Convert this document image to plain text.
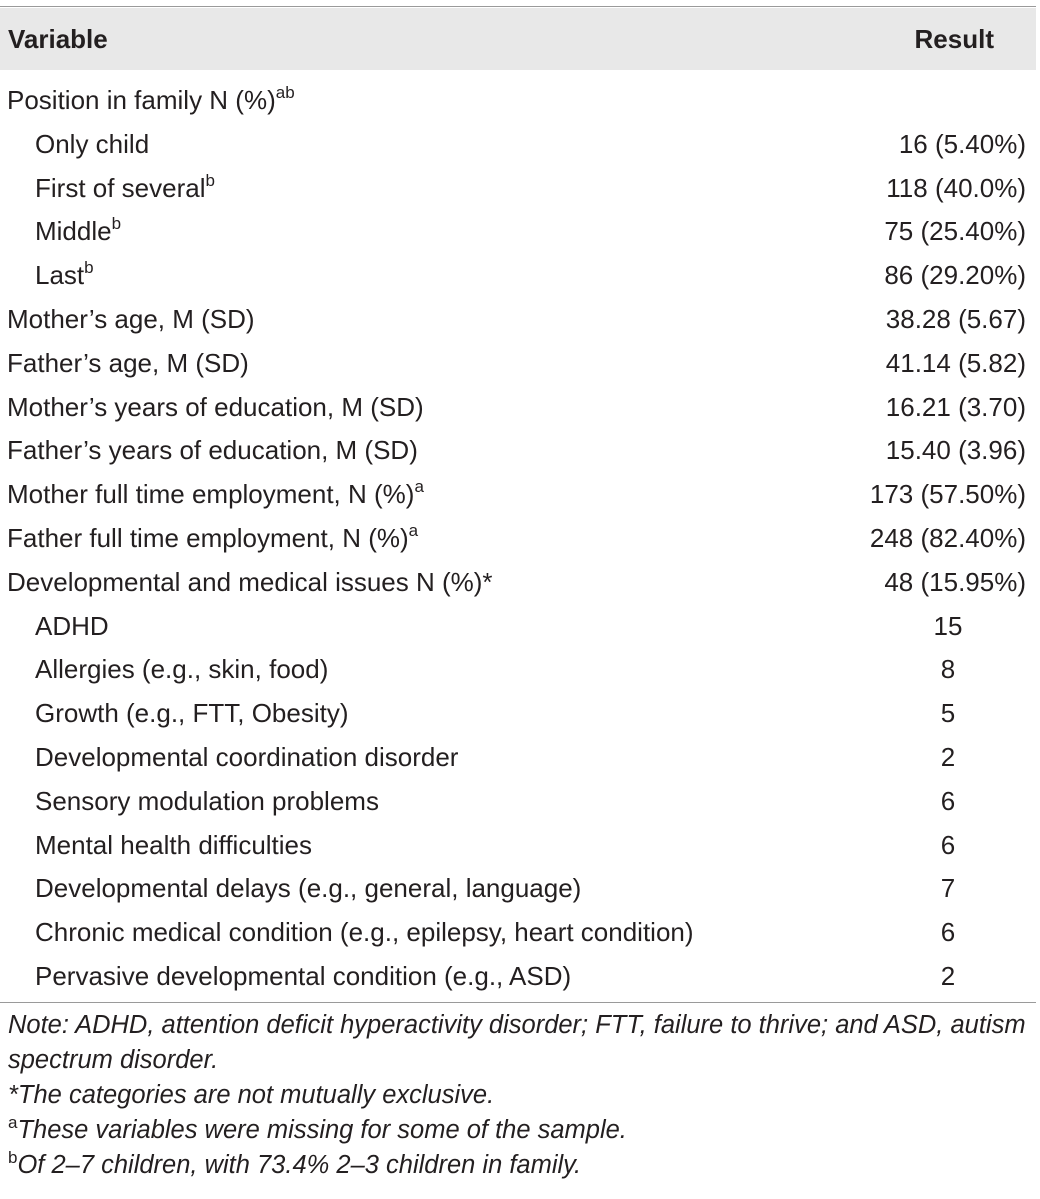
Variable	Result
Position in family N (%)$^{ab}$
Only child	16 (5.40%)
First of several$^b$	118 (40.0%)
Middle$^b$	75 (25.40%)
Last$^b$	86 (29.20%)
Mother’s age, M (SD)	38.28 (5.67)
Father’s age, M (SD)	41.14 (5.82)
Mother’s years of education, M (SD)	16.21 (3.70)
Father’s years of education, M (SD)	15.40 (3.96)
Mother full time employment, N (%)$^a$	173 (57.50%)
Father full time employment, N (%)$^a$	248 (82.40%)
Developmental and medical issues N (%)*	48 (15.95%)
ADHD	15
Allergies (e.g., skin, food)	8
Growth (e.g., FTT, Obesity)	5
Developmental coordination disorder	2
Sensory modulation problems	6
Mental health difficulties	6
Developmental delays (e.g., general, language)	7
Chronic medical condition (e.g., epilepsy, heart condition)	6
Pervasive developmental condition (e.g., ASD)	2
Note: ADHD, attention deficit hyperactivity disorder; FTT, failure to thrive; and ASD, autism spectrum disorder.
*The categories are not mutually exclusive.
$^a$These variables were missing for some of the sample.
$^b$Of 2–7 children, with 73.4% 2–3 children in family.
